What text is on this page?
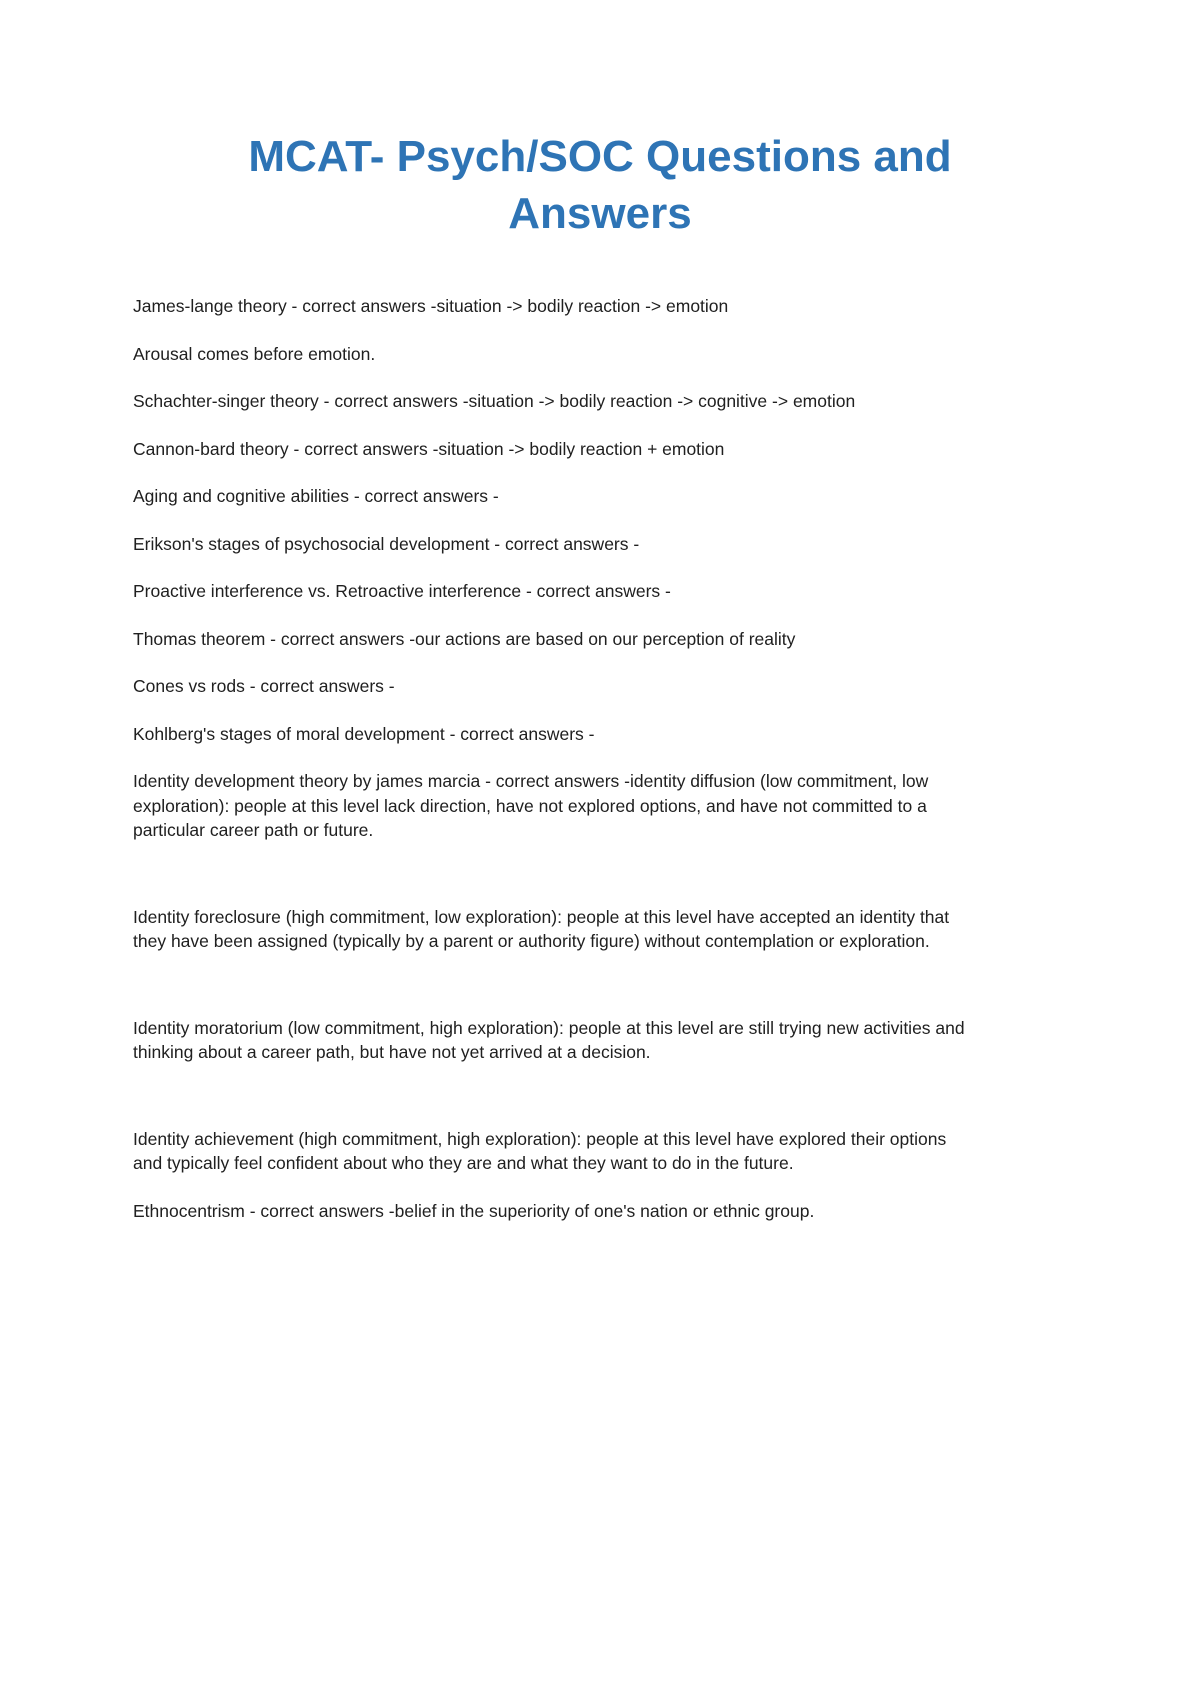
MCAT- Psych/SOC Questions and Answers

James-lange theory - correct answers -situation -> bodily reaction -> emotion

Arousal comes before emotion.

Schachter-singer theory - correct answers -situation -> bodily reaction -> cognitive -> emotion

Cannon-bard theory - correct answers -situation -> bodily reaction + emotion

Aging and cognitive abilities - correct answers -

Erikson's stages of psychosocial development - correct answers -

Proactive interference vs. Retroactive interference - correct answers -

Thomas theorem - correct answers -our actions are based on our perception of reality

Cones vs rods - correct answers -

Kohlberg's stages of moral development - correct answers -

Identity development theory by james marcia - correct answers -identity diffusion (low commitment, low exploration): people at this level lack direction, have not explored options, and have not committed to a particular career path or future.

Identity foreclosure (high commitment, low exploration): people at this level have accepted an identity that they have been assigned (typically by a parent or authority figure) without contemplation or exploration.

Identity moratorium (low commitment, high exploration): people at this level are still trying new activities and thinking about a career path, but have not yet arrived at a decision.

Identity achievement (high commitment, high exploration): people at this level have explored their options and typically feel confident about who they are and what they want to do in the future.

Ethnocentrism - correct answers -belief in the superiority of one's nation or ethnic group.
